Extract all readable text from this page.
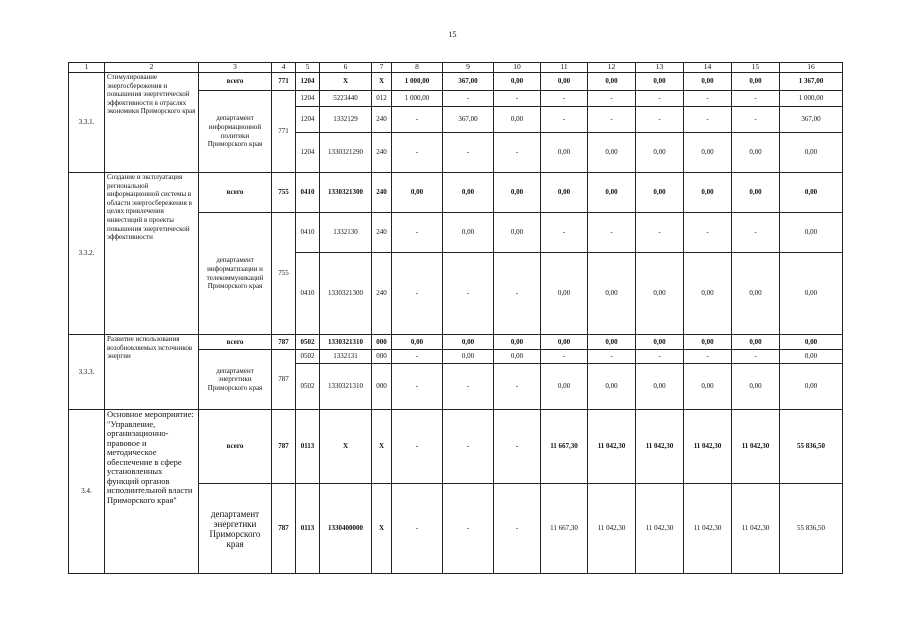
15
1	2	3	4	5	6	7	8	9	10	11	12	13	14	15	16
3.3.1.	Стимулирование энергосбережения и повышения энергетической эффективности в отраслях экономики Приморского края	всего	771	1204	X	X	1 000,00	367,00	0,00	0,00	0,00	0,00	0,00	0,00	1 367,00
		департамент информационной политики Приморского края	771	1204	5223440	012	1 000,00	-	-	-	-	-	-	-	1 000,00
				1204	1332129	240	-	367,00	0,00	-	-	-	-	-	367,00
				1204	1330321290	240	-	-	-	0,00	0,00	0,00	0,00	0,00	0,00
3.3.2.	Создание и эксплуатация региональной информационной системы в области энергосбережения в целях привлечения инвестиций в проекты повышения энергетической эффективности	всего	755	0410	1330321300	240	0,00	0,00	0,00	0,00	0,00	0,00	0,00	0,00	0,00
		департамент информатизации и телекоммуникаций Приморского края	755	0410	1332130	240	-	0,00	0,00	-	-	-	-	-	0,00
				0410	1330321300	240	-	-	-	0,00	0,00	0,00	0,00	0,00	0,00
3.3.3.	Развитие использования возобновляемых источников энергии	всего	787	0502	1330321310	000	0,00	0,00	0,00	0,00	0,00	0,00	0,00	0,00	0,00
		департамент энергетики Приморского края	787	0502	1332131	000	-	0,00	0,00	-	-	-	-	-	0,00
				0502	1330321310	000	-	-	-	0,00	0,00	0,00	0,00	0,00	0,00
3.4.	Основное мероприятие: "Управление, организационно-правовое и методическое обеспечение в сфере установленных функций органов исполнительной власти Приморского края"	всего	787	0113	X	X	-	-	-	11 667,30	11 042,30	11 042,30	11 042,30	11 042,30	55 836,50
		департамент энергетики Приморского края	787	0113	1330400000	X	-	-	-	11 667,30	11 042,30	11 042,30	11 042,30	11 042,30	55 836,50
